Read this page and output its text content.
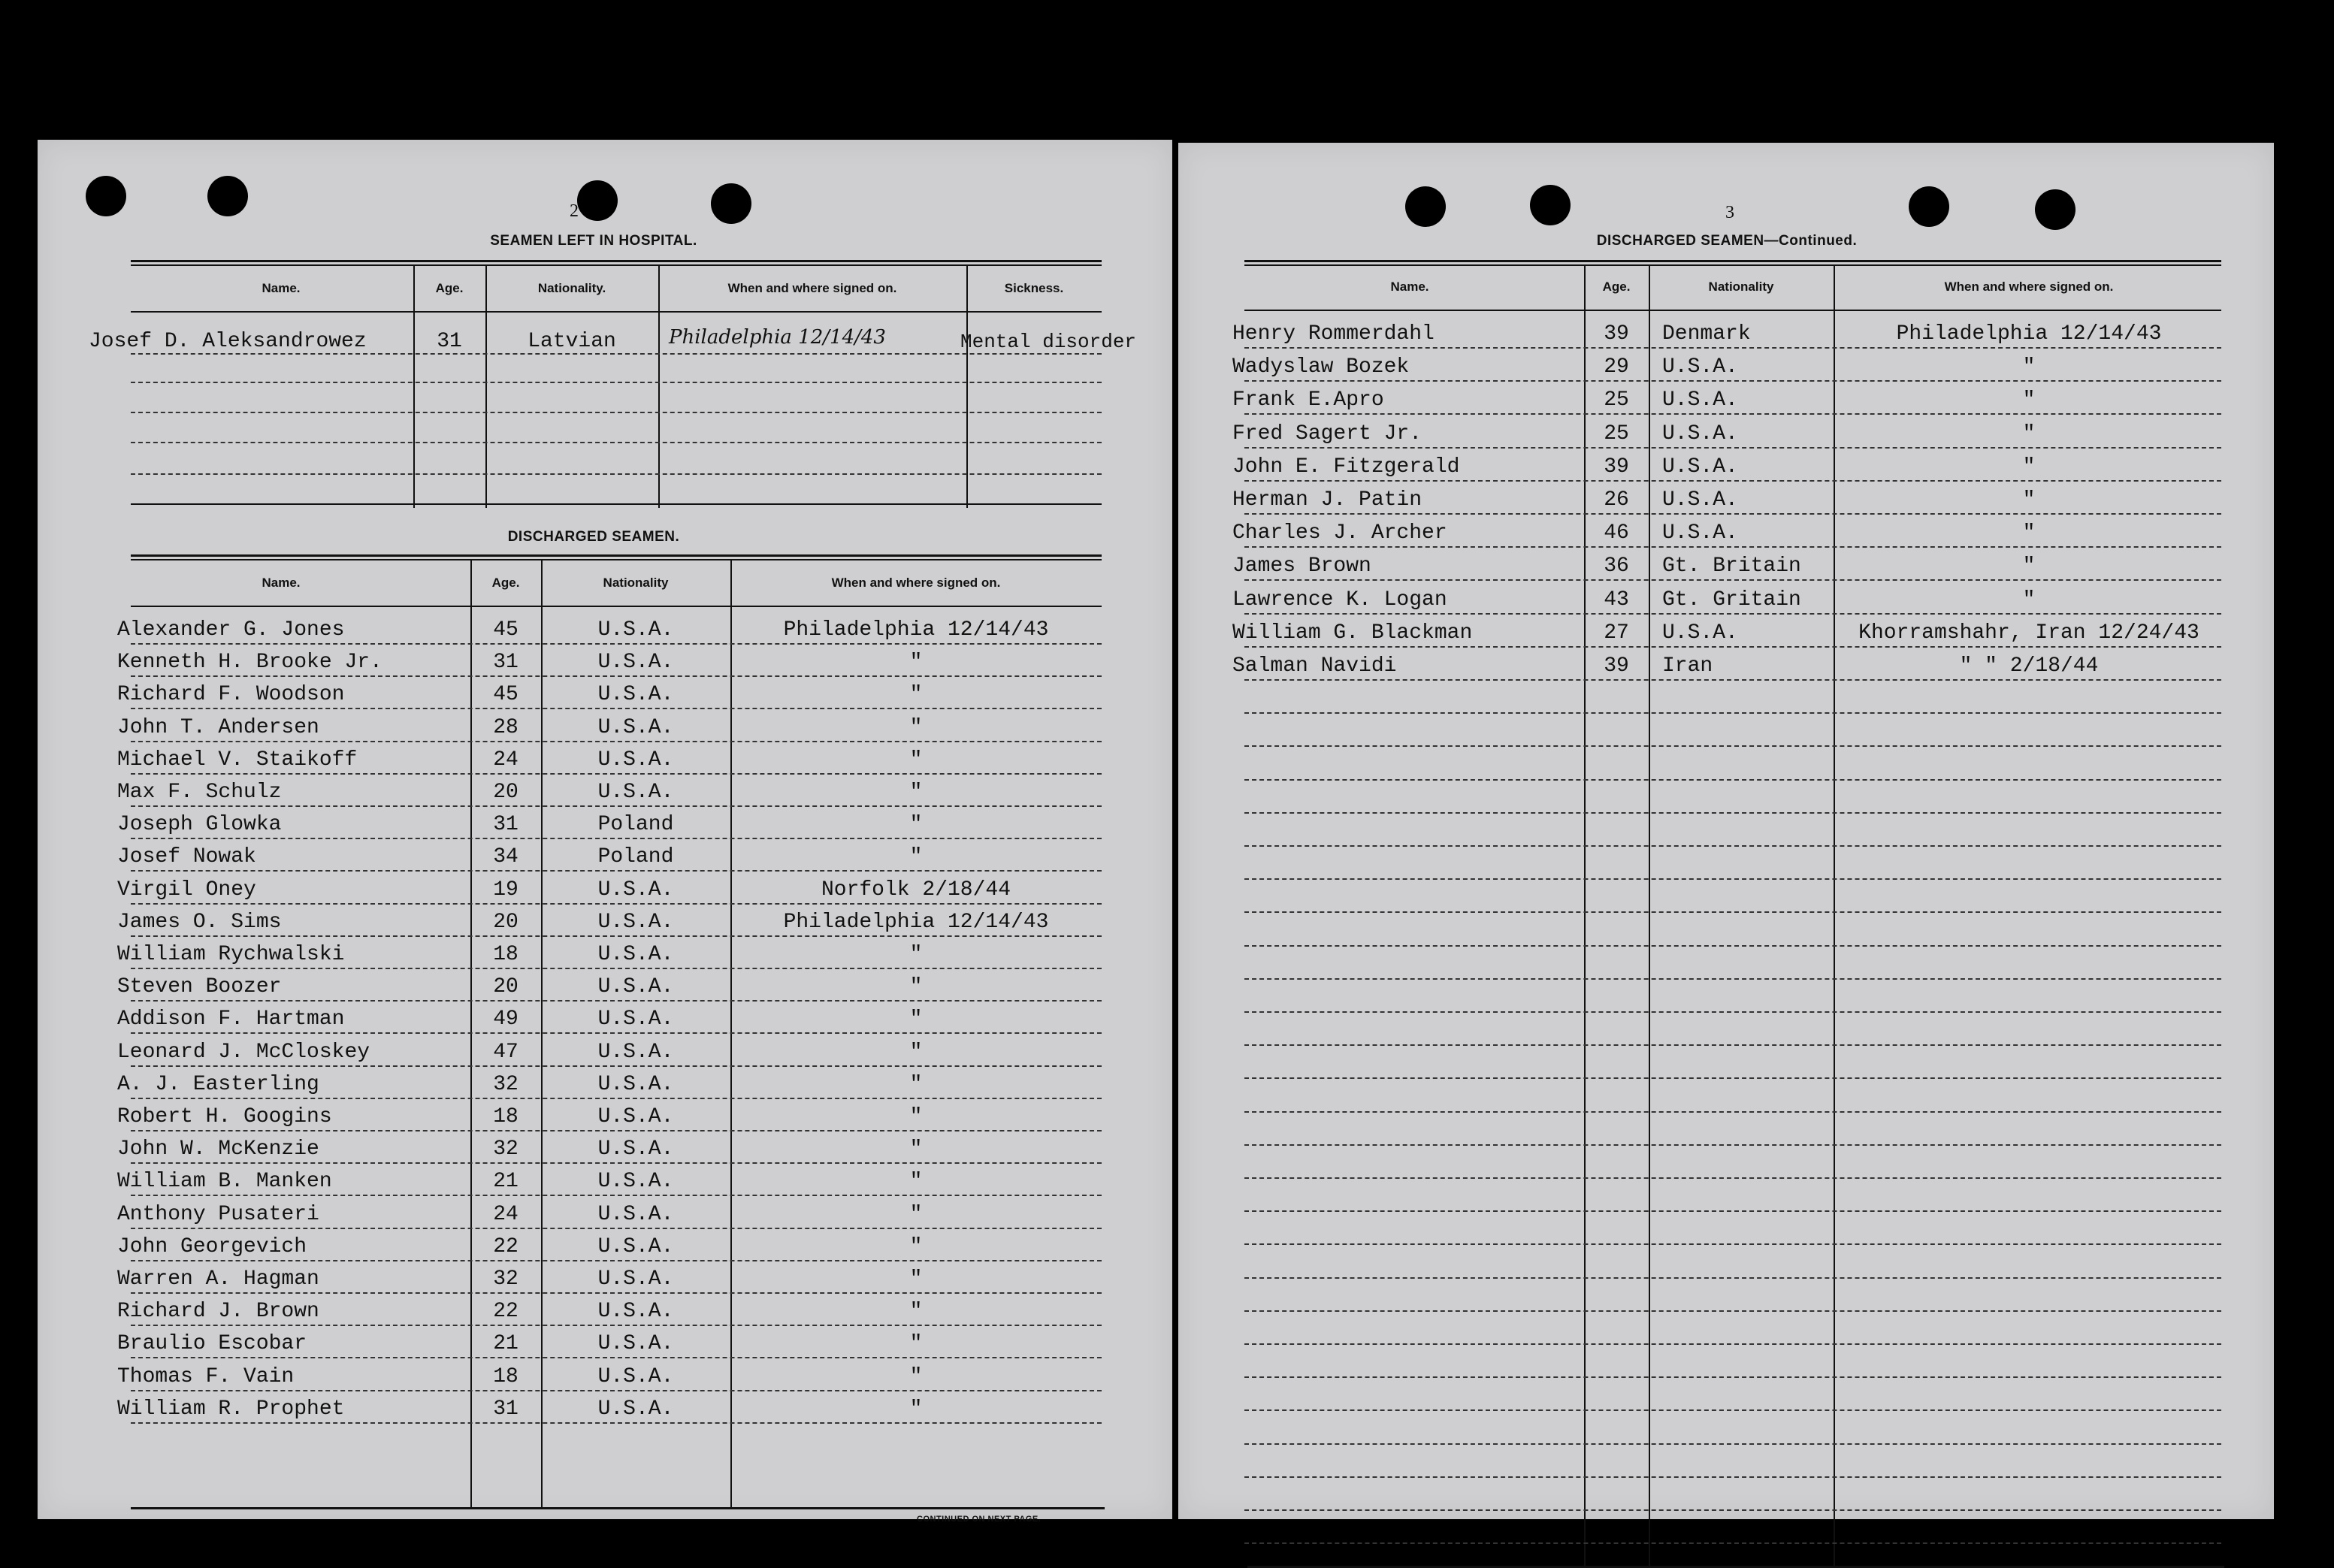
2
SEAMEN LEFT IN HOSPITAL.
Name.	Age.	Nationality.	When and where signed on.	Sickness.
Josef D. Aleksandrowez	31	Latvian	Philadelphia 12/14/43	Mental disorder
DISCHARGED SEAMEN.
Name.	Age.	Nationality	When and where signed on.
Alexander G. Jones	45	U.S.A.	Philadelphia 12/14/43
Kenneth H. Brooke Jr.	31	U.S.A.	"
Richard F. Woodson	45	U.S.A.	"
John T. Andersen	28	U.S.A.	"
Michael V. Staikoff	24	U.S.A.	"
Max F. Schulz	20	U.S.A.	"
Joseph Glowka	31	Poland	"
Josef Nowak	34	Poland	"
Virgil Oney	19	U.S.A.	Norfolk 2/18/44
James O. Sims	20	U.S.A.	Philadelphia 12/14/43
William Rychwalski	18	U.S.A.	"
Steven Boozer	20	U.S.A.	"
Addison F. Hartman	49	U.S.A.	"
Leonard J. McCloskey	47	U.S.A.	"
A. J. Easterling	32	U.S.A.	"
Robert H. Googins	18	U.S.A.	"
John W. McKenzie	32	U.S.A.	"
William B. Manken	21	U.S.A.	"
Anthony Pusateri	24	U.S.A.	"
John Georgevich	22	U.S.A.	"
Warren A. Hagman	32	U.S.A.	"
Richard J. Brown	22	U.S.A.	"
Braulio Escobar	21	U.S.A.	"
Thomas F. Vain	18	U.S.A.	"
William R. Prophet	31	U.S.A.	"
CONTINUED ON NEXT PAGE.
3
DISCHARGED SEAMEN—Continued.
Name.	Age.	Nationality	When and where signed on.
Henry Rommerdahl	39	Denmark	Philadelphia 12/14/43
Wadyslaw Bozek	29	U.S.A.	"
Frank E.Apro	25	U.S.A.	"
Fred Sagert Jr.	25	U.S.A.	"
John E. Fitzgerald	39	U.S.A.	"
Herman J. Patin	26	U.S.A.	"
Charles J. Archer	46	U.S.A.	"
James Brown	36	Gt. Britain	"
Lawrence K. Logan	43	Gt. Gritain	"
William G. Blackman	27	U.S.A.	Khorramshahr, Iran 12/24/43
Salman Navidi	39	Iran	" " 2/18/44
